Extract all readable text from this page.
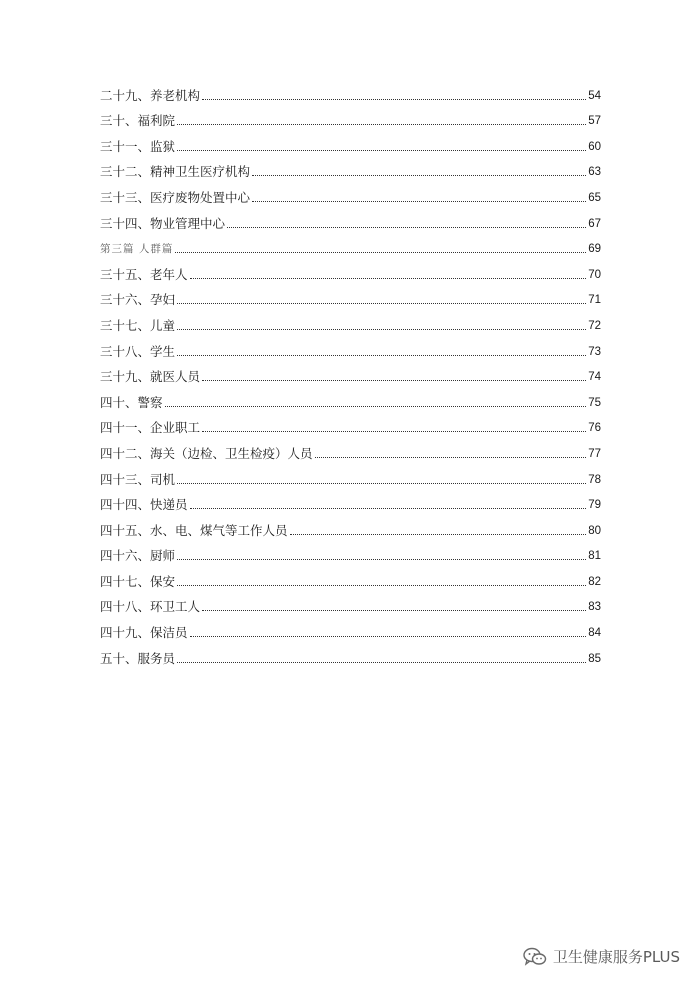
二十九、养老机构	54
三十、福利院	57
三十一、监狱	60
三十二、精神卫生医疗机构	63
三十三、医疗废物处置中心	65
三十四、物业管理中心	67
第三篇 人群篇	69
三十五、老年人	70
三十六、孕妇	71
三十七、儿童	72
三十八、学生	73
三十九、就医人员	74
四十、警察	75
四十一、企业职工	76
四十二、海关（边检、卫生检疫）人员	77
四十三、司机	78
四十四、快递员	79
四十五、水、电、煤气等工作人员	80
四十六、厨师	81
四十七、保安	82
四十八、环卫工人	83
四十九、保洁员	84
五十、服务员	85
卫生健康服务PLUS
